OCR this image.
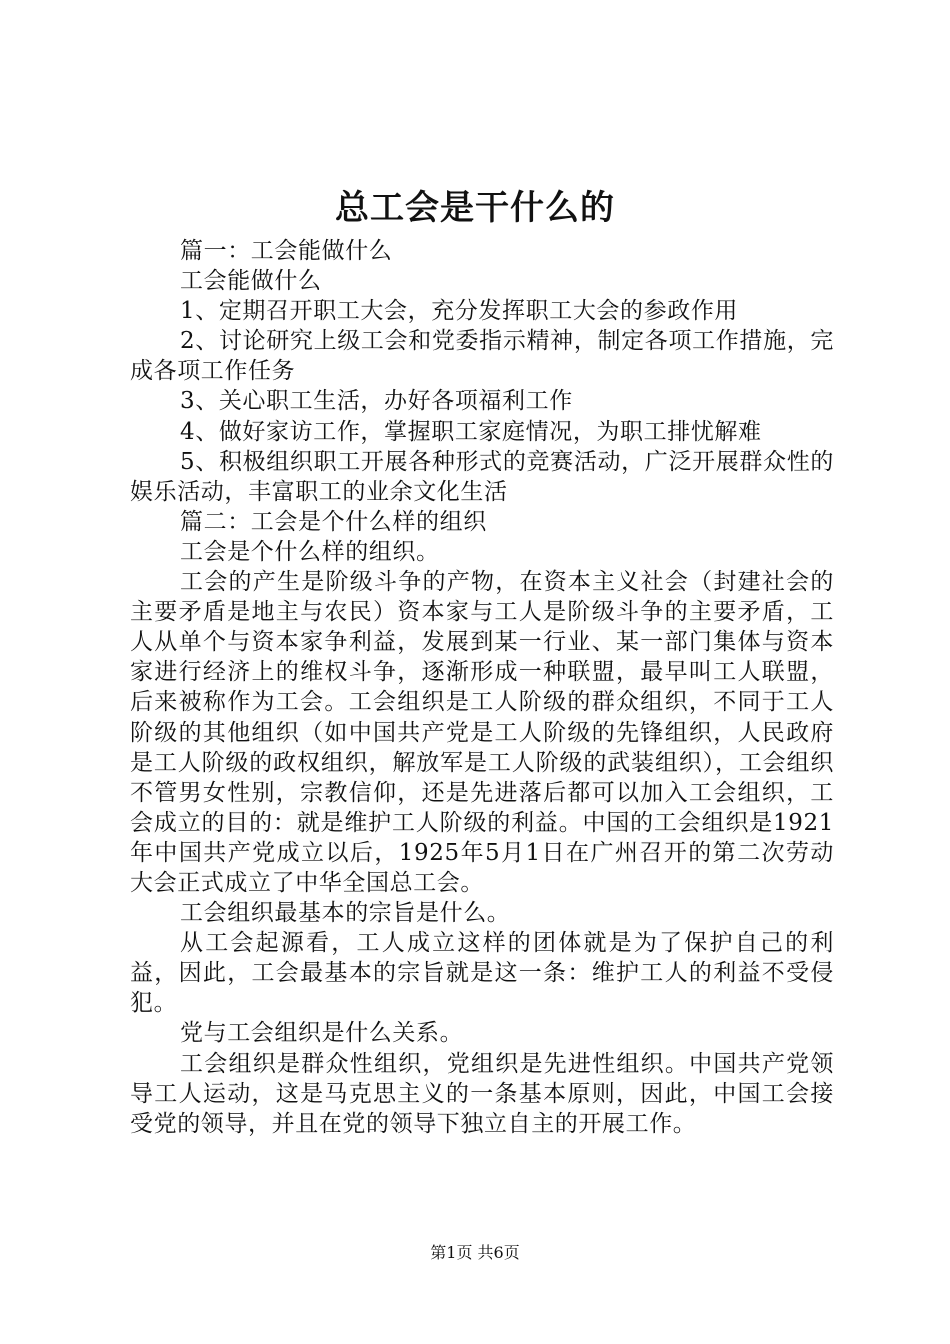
总工会是干什么的

篇一：工会能做什么

工会能做什么

1、定期召开职工大会，充分发挥职工大会的参政作用

2、讨论研究上级工会和党委指示精神，制定各项工作措施，完成各项工作任务

3、关心职工生活，办好各项福利工作

4、做好家访工作，掌握职工家庭情况，为职工排忧解难

5、积极组织职工开展各种形式的竞赛活动，广泛开展群众性的娱乐活动，丰富职工的业余文化生活

篇二：工会是个什么样的组织

工会是个什么样的组织。

工会的产生是阶级斗争的产物，在资本主义社会（封建社会的主要矛盾是地主与农民）资本家与工人是阶级斗争的主要矛盾，工人从单个与资本家争利益，发展到某一行业、某一部门集体与资本家进行经济上的维权斗争，逐渐形成一种联盟，最早叫工人联盟，后来被称作为工会。工会组织是工人阶级的群众组织，不同于工人阶级的其他组织（如中国共产党是工人阶级的先锋组织，人民政府是工人阶级的政权组织，解放军是工人阶级的武装组织），工会组织不管男女性别，宗教信仰，还是先进落后都可以加入工会组织，工会成立的目的：就是维护工人阶级的利益。中国的工会组织是1921年中国共产党成立以后，1925年5月1日在广州召开的第二次劳动大会正式成立了中华全国总工会。

工会组织最基本的宗旨是什么。

从工会起源看，工人成立这样的团体就是为了保护自己的利益，因此，工会最基本的宗旨就是这一条：维护工人的利益不受侵犯。

党与工会组织是什么关系。

工会组织是群众性组织，党组织是先进性组织。中国共产党领导工人运动，这是马克思主义的一条基本原则，因此，中国工会接受党的领导，并且在党的领导下独立自主的开展工作。

第1页 共6页
